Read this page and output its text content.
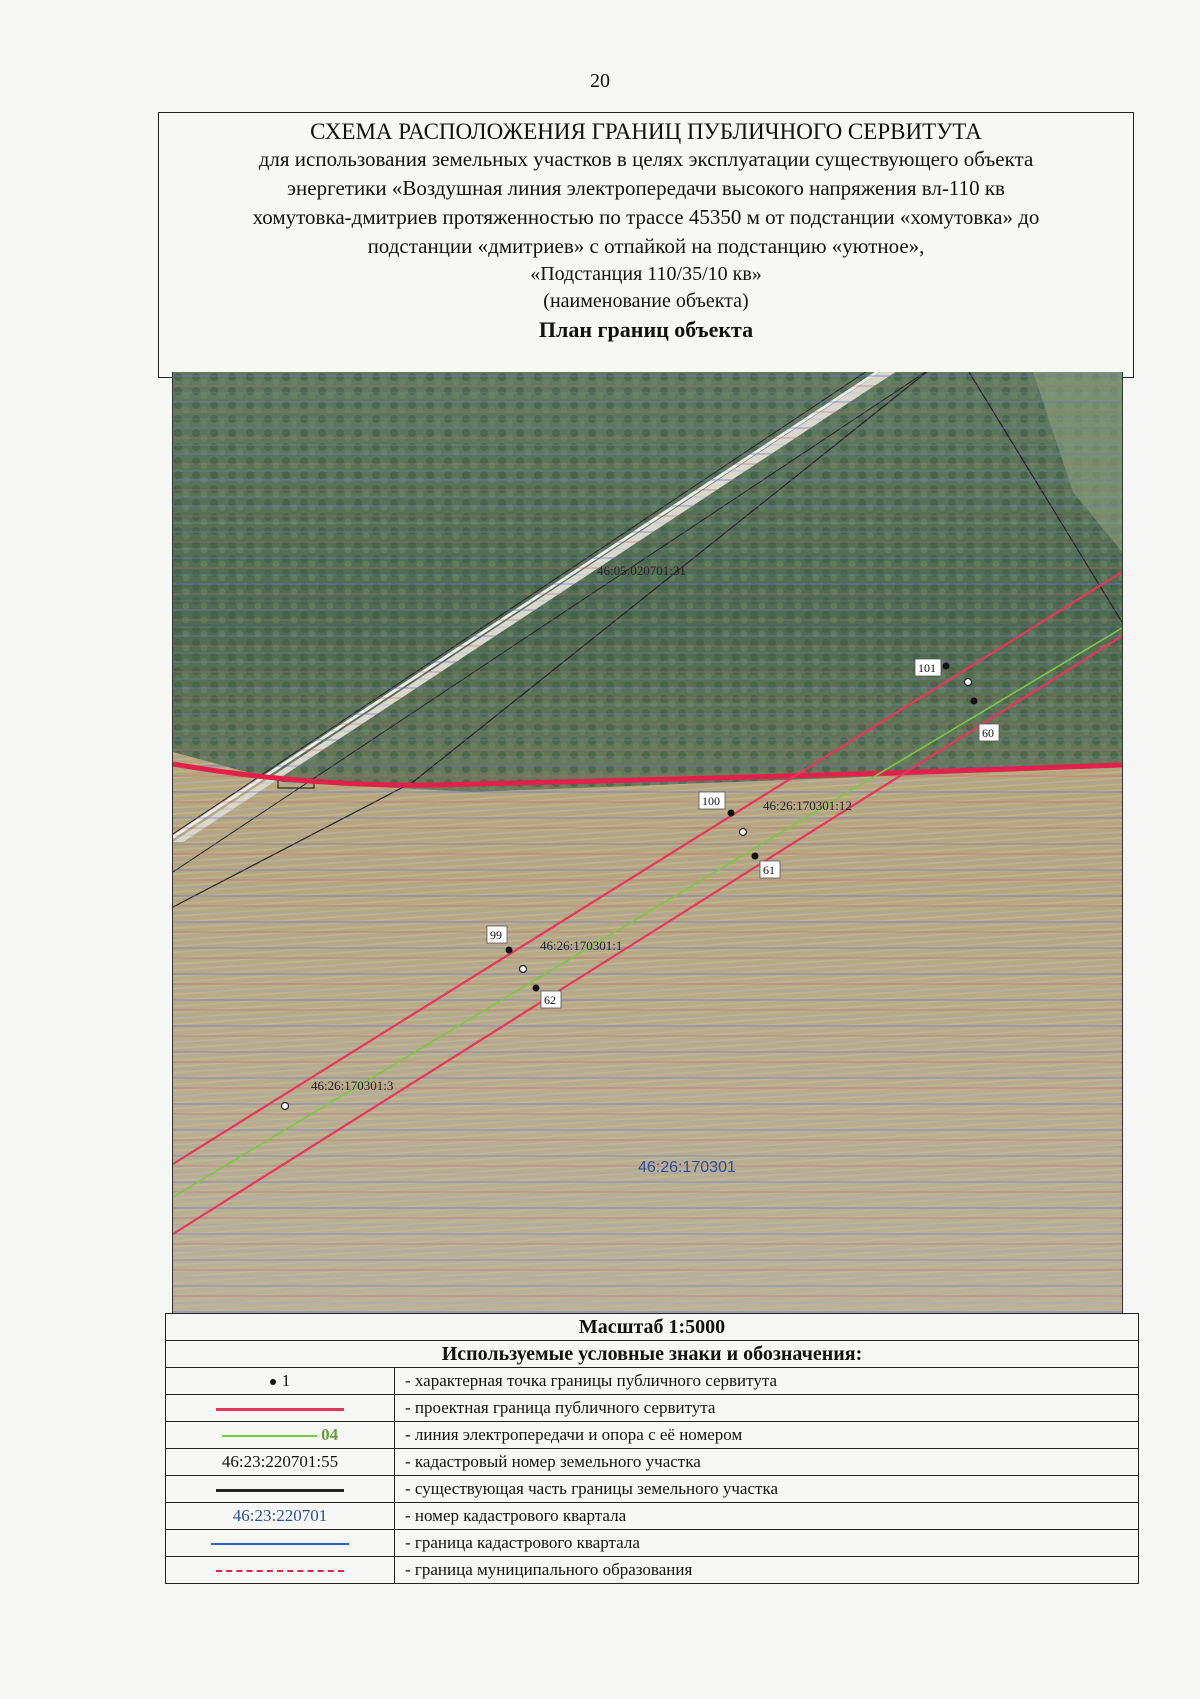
20
СХЕМА РАСПОЛОЖЕНИЯ ГРАНИЦ ПУБЛИЧНОГО СЕРВИТУТА
для использования земельных участков в целях эксплуатации существующего объекта
энергетики «Воздушная линия электропередачи высокого напряжения вл-110 кв
хомутовка-дмитриев протяженностью по трассе 45350 м от подстанции «хомутовка» до
подстанции «дмитриев» с отпайкой на подстанцию «уютное»,
«Подстанция 110/35/10 кв»
(наименование объекта)
План границ объекта
101
60
100
61
99
62
46:05:020701:31
46:26:170301:12
46:26:170301:1
46:26:170301:3
46:26:170301
Масштаб 1:5000
Используемые условные знаки и обозначения:
1	- характерная точка границы публичного сервитута
	- проектная граница публичного сервитута
04	- линия электропередачи и опора с её номером
46:23:220701:55	- кадастровый номер земельного участка
	- существующая часть границы земельного участка
46:23:220701	- номер кадастрового квартала
	- граница кадастрового квартала
	- граница муниципального образования
